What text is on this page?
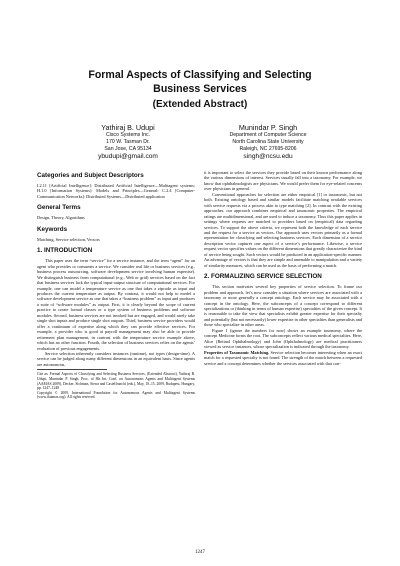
Formal Aspects of Classifying and Selecting
Business Services
(Extended Abstract)
Yathiraj B. Udupi
Cisco Systems Inc.
170 W. Tasman Dr.
San Jose, CA 95134
ybudupi@gmail.com
Munindar P. Singh
Department of Computer Science
North Carolina State University
Raleigh, NC 27695-8206
singh@ncsu.edu
Categories and Subject Descriptors

I.2.11 [Artificial Intelligence]: Distributed Artificial Intelligence—Multiagent systems; H.1.0 [Information Systems]: Models and Principles—General; C.2.4 [Computer-Communication Networks]: Distributed Systems—Distributed application

General Terms

Design, Theory, Algorithms

Keywords

Matching, Service selection, Vectors

1. INTRODUCTION

This paper uses the term “service” for a service instance, and the term “agent” for an agent who provides or consumes a service. We consider real life or business services (e.g., business process outsourcing, software development service involving human expertise). We distinguish business from computational (e.g., Web or grid) services based on the fact that business services lack the typical input-output structure of computational services. For example, one can model a temperature service as one that takes a zipcode as input and produces the current temperature as output. By contrast, it would not help to model a software development service as one that takes a “business problem” as input and produces a suite of “software modules” as output. First, it is clearly beyond the scope of current practice to create formal classes or a type system of business problems and software modules. Second, business services are not invoked but are engaged, and would rarely take single shot inputs and produce single shot outputs. Third, business service providers would offer a continuum of expertise along which they can provide effective services. For example, a provider who is good at payroll management may also be able to provide retirement plan management, in contrast with the temperature service example above, which has no other function. Fourth, the selection of business services relies on the agents’ evaluation of previous engagements.

Service selection inherently considers instances (runtime), not types (design-time). A service can be judged along many different dimensions in an equivalent basis. Since agents are autonomous,

Cite as: Formal Aspects of Classifying and Selecting Business Services, (Extended Abstract), Yathiraj B. Udupi, Munindar P. Singh, Proc. of 8th Int. Conf. on Autonomous Agents and Multiagent Systems (AAMAS 2009), Decker, Sichman, Sierra and Castelfranchi (eds.), May, 10–15, 2009, Budapest, Hungary, pp. 1247–1248

Copyright © 2009, International Foundation for Autonomous Agents and Multiagent Systems (www.ifaamas.org). All rights reserved.

it is important to select the services they provide based on their known performance along the various dimensions of interest. Services usually fall into a taxonomy. For example, we know that ophthalmologists are physicians. We would prefer them for eye-related concerns over physicians in general.

Conventional approaches for selection are either empirical [1] or taxonomic, but not both. Existing ontology based and similar models facilitate matching available services with service requests via a process akin to type matching [2]. In contrast with the existing approaches, our approach combines empirical and taxonomic properties. The empirical ratings are multidimensional, and are used to induce a taxonomy. Thus this paper applies in settings where requests are matched to providers based on (empirical) data regarding services. To support the above criteria, we represent both the knowledge of each service and the request for a service as vectors. Our approach uses vectors primarily as a formal representation for classifying and selecting business services. Each dimension of a service description vector captures one aspect of a service’s performance. Likewise, a service request vector specifies values on the different dimensions that greatly characterize the kind of service being sought. Such vectors would be produced in an application-specific manner. An advantage of vectors is that they are simple and amenable to manipulation and a variety of similarity measures, which can be used as the basis of performing a match.

2. FORMALIZING SERVICE SELECTION

This section motivates several key properties of service selection. To frame our problem and approach, let’s now consider a situation where services are associated with a taxonomy or more generally a concept ontology. Each service may be associated with a concept in the ontology. Here, the subconcepts of a concept correspond to different specializations or (thinking in terms of human expertise) specialties of the given concept. It is reasonable to take the view that specialists exhibit greater expertise for their specialty and potentially (but not necessarily) lower expertise in other specialties than generalists and those who specialize in other areas.

Figure 1 (ignore the numbers for now) shows an example taxonomy, where the concept Medicine forms the root. The subconcepts reflect various medical specialties. Here, Alice (Retinal Ophthalmology) and John (Ophthalmology) are medical practitioners viewed as service instances, whose specialization is indicated through the taxonomy.

Properties of Taxonomic Matching. Service selection becomes interesting when an exact match for a requested specialty is not found. The strength of the match between a requested service and a concept determines whether the services associated with that con-

1247
